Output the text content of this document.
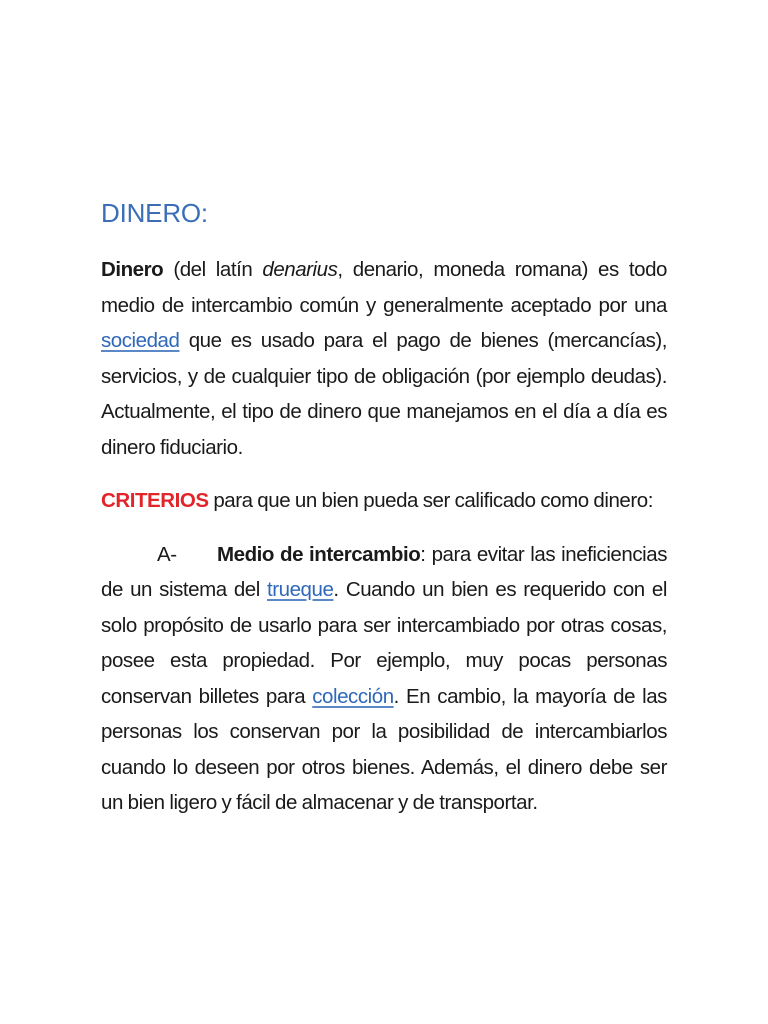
DINERO:

Dinero (del latín denarius, denario, moneda romana) es todo medio de intercambio común y generalmente aceptado por una sociedad que es usado para el pago de bienes (mercancías), servicios, y de cualquier tipo de obligación (por ejemplo deudas). Actualmente, el tipo de dinero que manejamos en el día a día es dinero fiduciario.

CRITERIOS para que un bien pueda ser calificado como dinero:

A- Medio de intercambio: para evitar las ineficiencias de un sistema del trueque. Cuando un bien es requerido con el solo propósito de usarlo para ser intercambiado por otras cosas, posee esta propiedad. Por ejemplo, muy pocas personas conservan billetes para colección. En cambio, la mayoría de las personas los conservan por la posibilidad de intercambiarlos cuando lo deseen por otros bienes. Además, el dinero debe ser un bien ligero y fácil de almacenar y de transportar.
